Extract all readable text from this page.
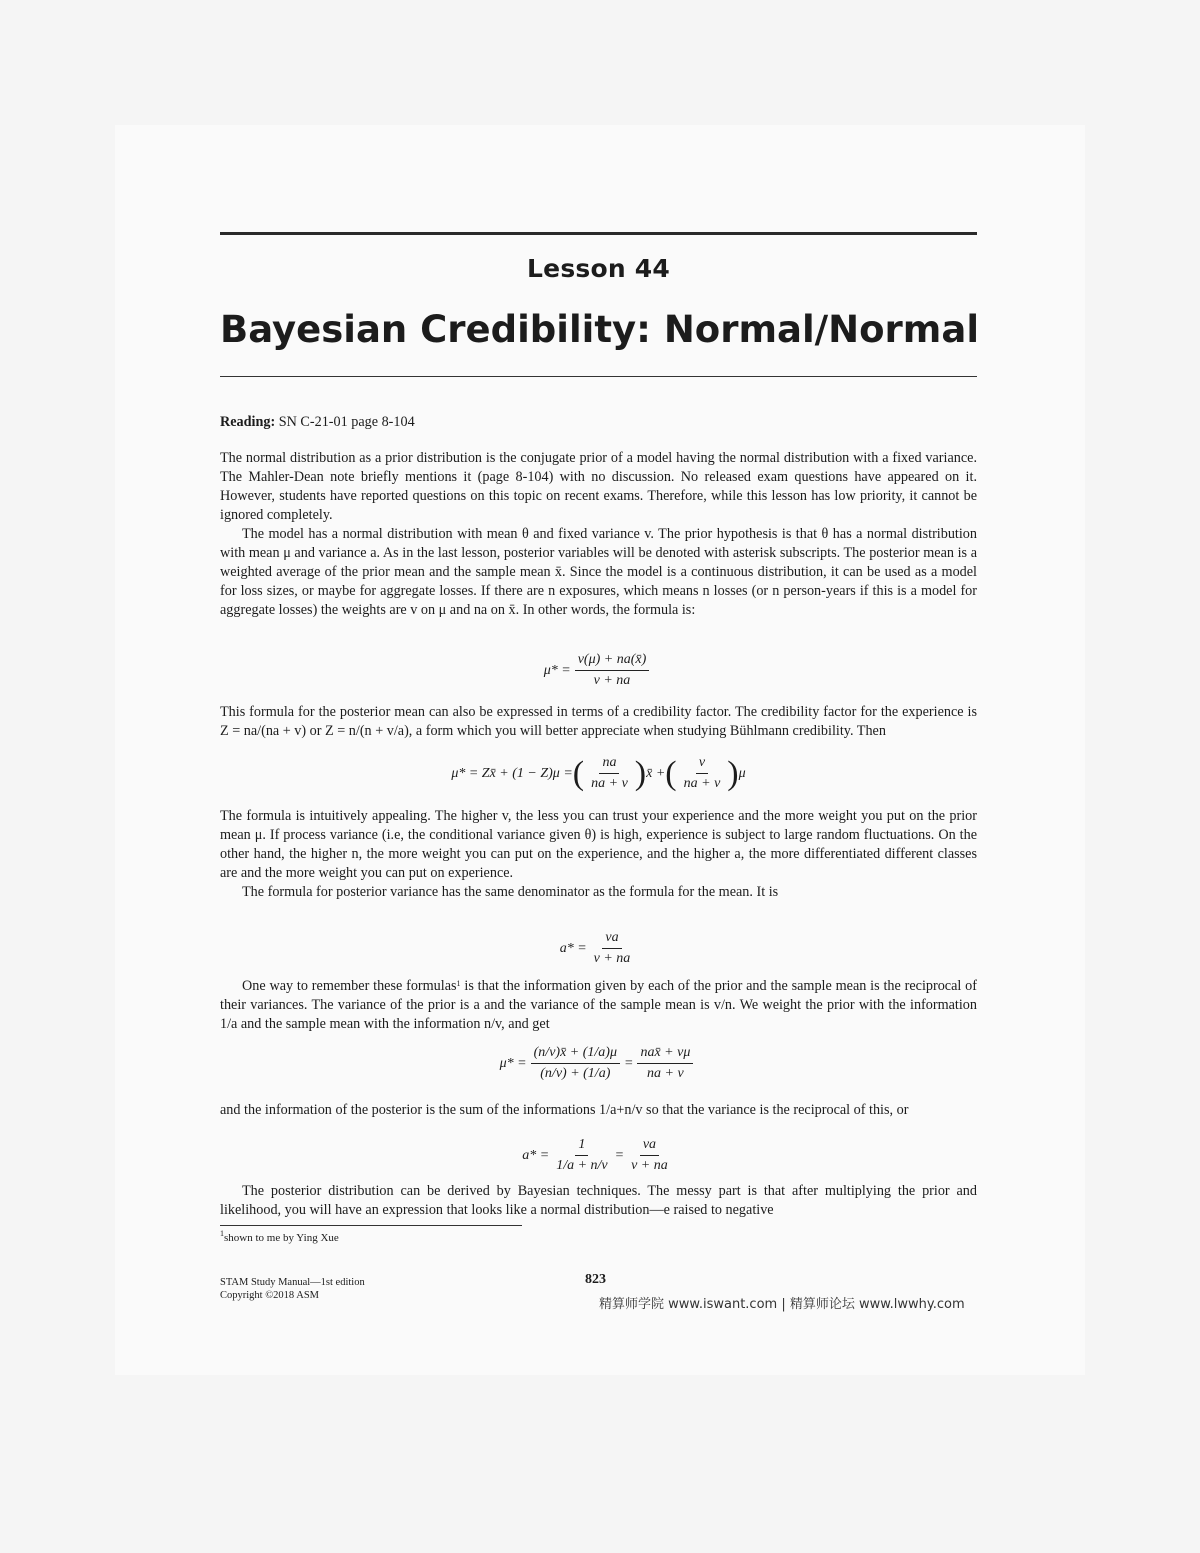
Lesson 44
Bayesian Credibility: Normal/Normal
Reading: SN C-21-01 page 8-104
The normal distribution as a prior distribution is the conjugate prior of a model having the normal distribution with a fixed variance. The Mahler-Dean note briefly mentions it (page 8-104) with no discussion. No released exam questions have appeared on it. However, students have reported questions on this topic on recent exams. Therefore, while this lesson has low priority, it cannot be ignored completely.
The model has a normal distribution with mean θ and fixed variance v. The prior hypothesis is that θ has a normal distribution with mean μ and variance a. As in the last lesson, posterior variables will be denoted with asterisk subscripts. The posterior mean is a weighted average of the prior mean and the sample mean x̄. Since the model is a continuous distribution, it can be used as a model for loss sizes, or maybe for aggregate losses. If there are n exposures, which means n losses (or n person-years if this is a model for aggregate losses) the weights are v on μ and na on x̄. In other words, the formula is:
$\mu* = \frac{v(\mu) + na(x̄)}{v + na}$
This formula for the posterior mean can also be expressed in terms of a credibility factor. The credibility factor for the experience is Z = na/(na + v) or Z = n/(n + v/a), a form which you will better appreciate when studying Bühlmann credibility. Then
μ* = Zx̄ + (1 − Z)μ = ( $\frac{na}{na + v}$ ) x̄ + ( $\frac{v}{na + v}$ ) μ
The formula is intuitively appealing. The higher v, the less you can trust your experience and the more weight you put on the prior mean μ. If process variance (i.e, the conditional variance given θ) is high, experience is subject to large random fluctuations. On the other hand, the higher n, the more weight you can put on the experience, and the higher a, the more differentiated different classes are and the more weight you can put on experience.
The formula for posterior variance has the same denominator as the formula for the mean. It is
$a* = \frac{va}{v + na}$
One way to remember these formulas$^1$ is that the information given by each of the prior and the sample mean is the reciprocal of their variances. The variance of the prior is a and the variance of the sample mean is v/n. We weight the prior with the information 1/a and the sample mean with the information n/v, and get
$\mu* = \frac{(n/v)x̄ + (1/a)\mu}{(n/v) + (1/a)} = \frac{\text{nax̄ + vμ}}{na + v}$
and the information of the posterior is the sum of the informations 1/a+n/v so that the variance is the reciprocal of this, or
$a* = \frac{1}{1/a + n/v} = \frac{va}{v + na}$
The posterior distribution can be derived by Bayesian techniques. The messy part is that after multiplying the prior and likelihood, you will have an expression that looks like a normal distribution—e raised to negative
$^1$shown to me by Ying Xue
STAM Study Manual—1st edition
Copyright ©2018 ASM
823
精算师学院 www.iswant.com | 精算师论坛 www.lwwhy.com
